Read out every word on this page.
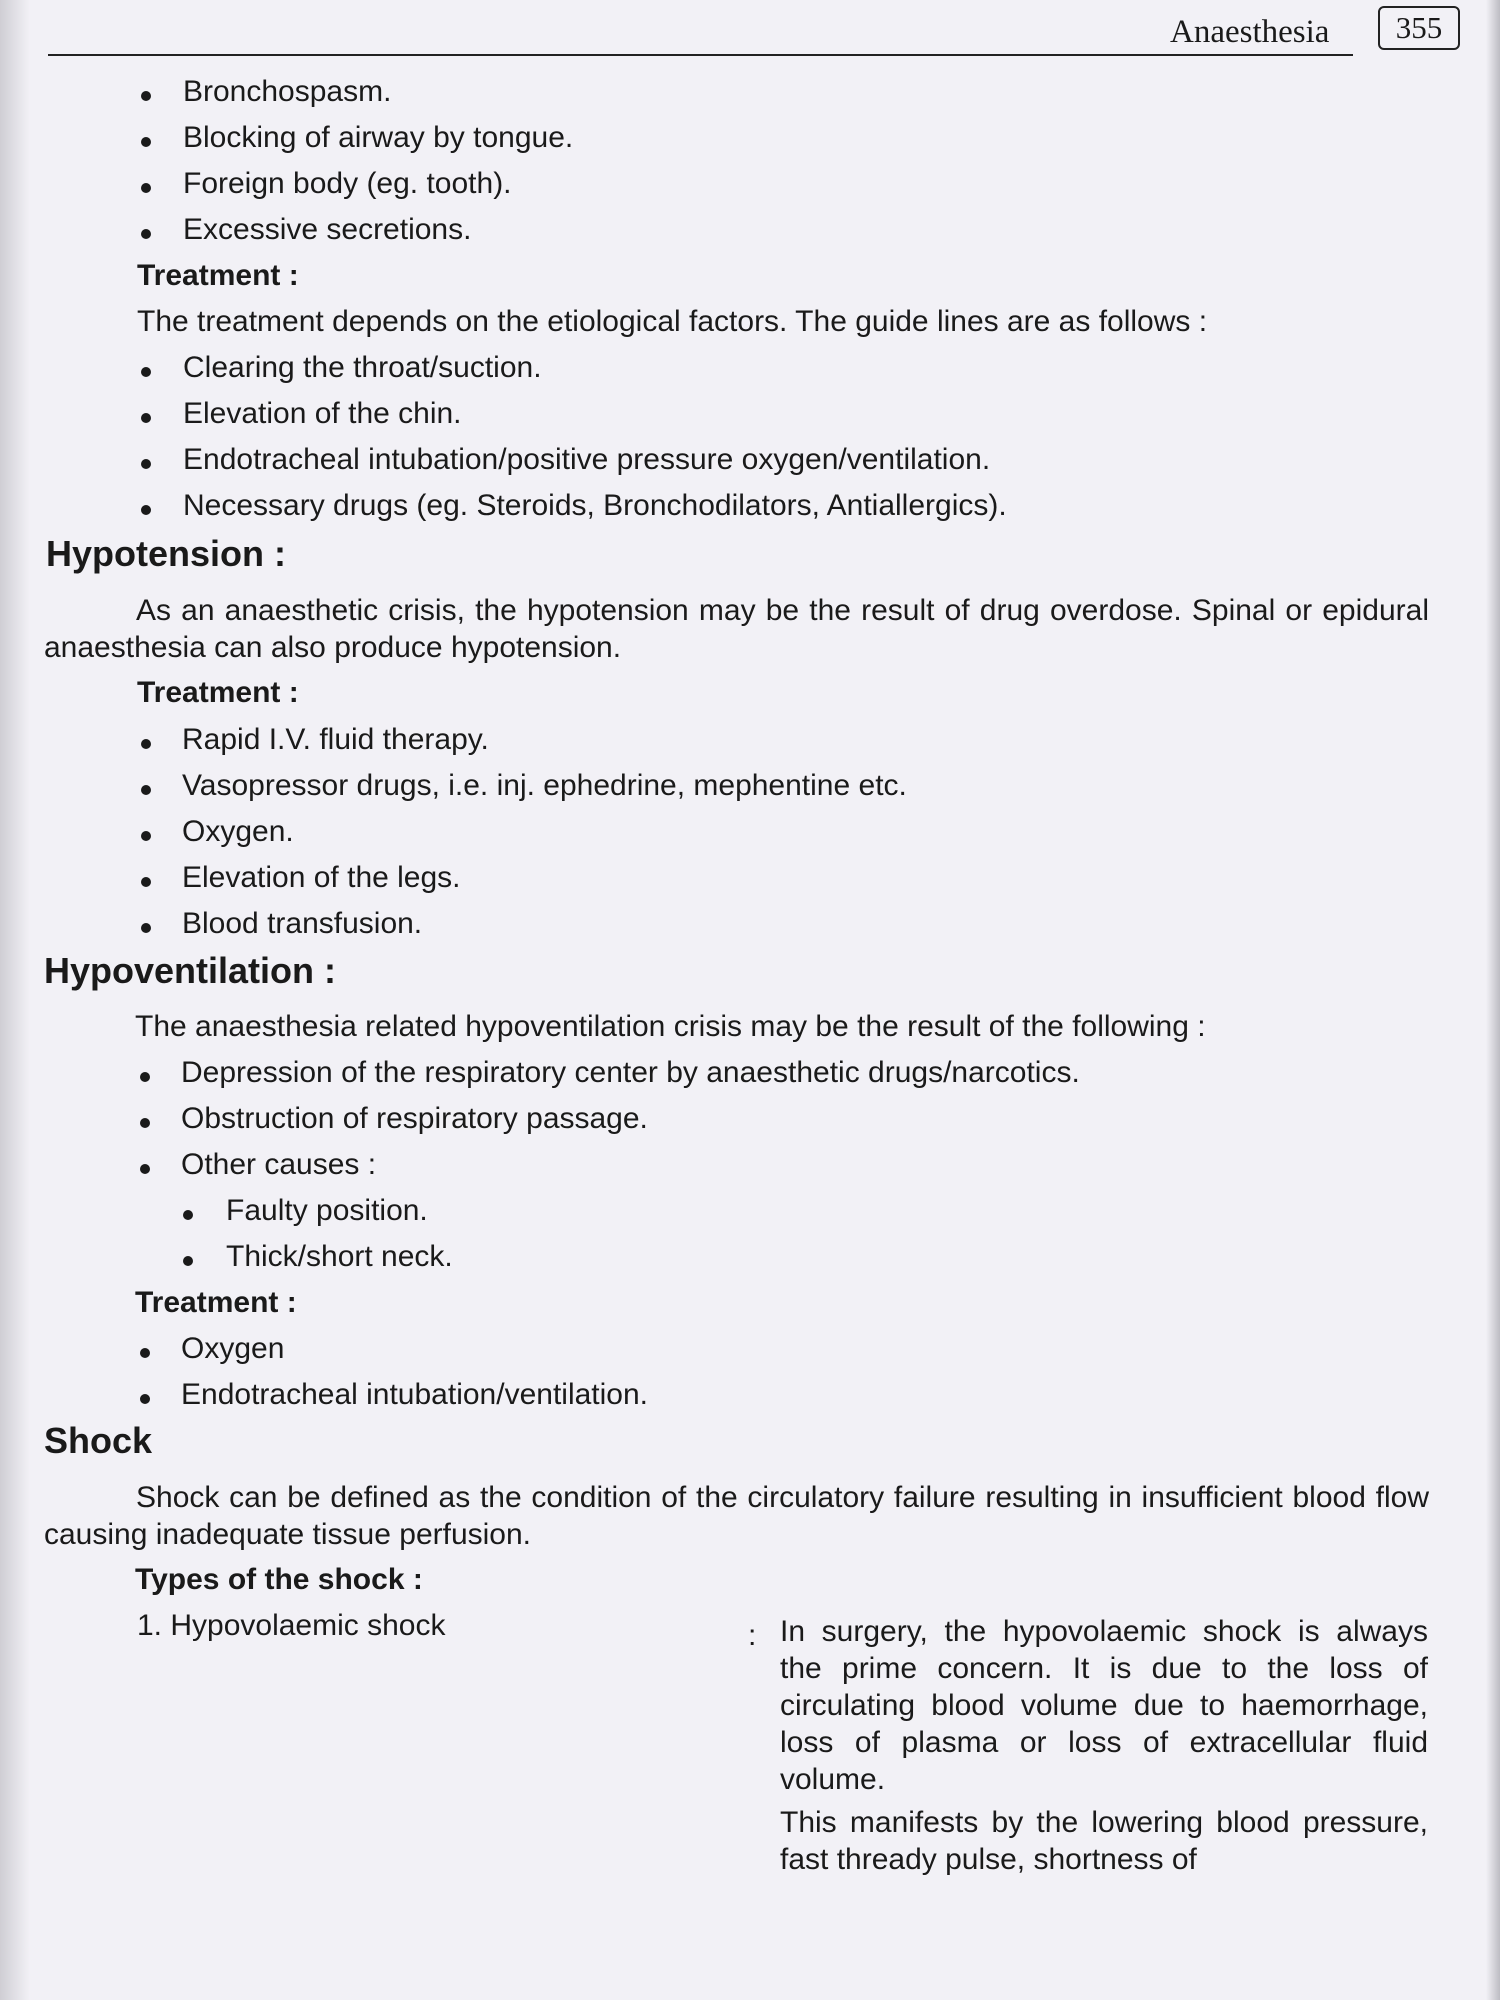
Anaesthesia	355
Bronchospasm.
Blocking of airway by tongue.
Foreign body (eg. tooth).
Excessive secretions.
Treatment :
The treatment depends on the etiological factors. The guide lines are as follows :
Clearing the throat/suction.
Elevation of the chin.
Endotracheal intubation/positive pressure oxygen/ventilation.
Necessary drugs (eg. Steroids, Bronchodilators, Antiallergics).
Hypotension :
As an anaesthetic crisis, the hypotension may be the result of drug overdose. Spinal or epidural anaesthesia can also produce hypotension.
Treatment :
Rapid I.V. fluid therapy.
Vasopressor drugs, i.e. inj. ephedrine, mephentine etc.
Oxygen.
Elevation of the legs.
Blood transfusion.
Hypoventilation :
The anaesthesia related hypoventilation crisis may be the result of the following :
Depression of the respiratory center by anaesthetic drugs/narcotics.
Obstruction of respiratory passage.
Other causes :
Faulty position.
Thick/short neck.
Treatment :
Oxygen
Endotracheal intubation/ventilation.
Shock
Shock can be defined as the condition of the circulatory failure resulting in insufficient blood flow causing inadequate tissue perfusion.
Types of the shock :
1. Hypovolaemic shock	: In surgery, the hypovolaemic shock is always the prime concern. It is due to the loss of circulating blood volume due to haemorrhage, loss of plasma or loss of extracellular fluid volume.
This manifests by the lowering blood pressure, fast thready pulse, shortness of
